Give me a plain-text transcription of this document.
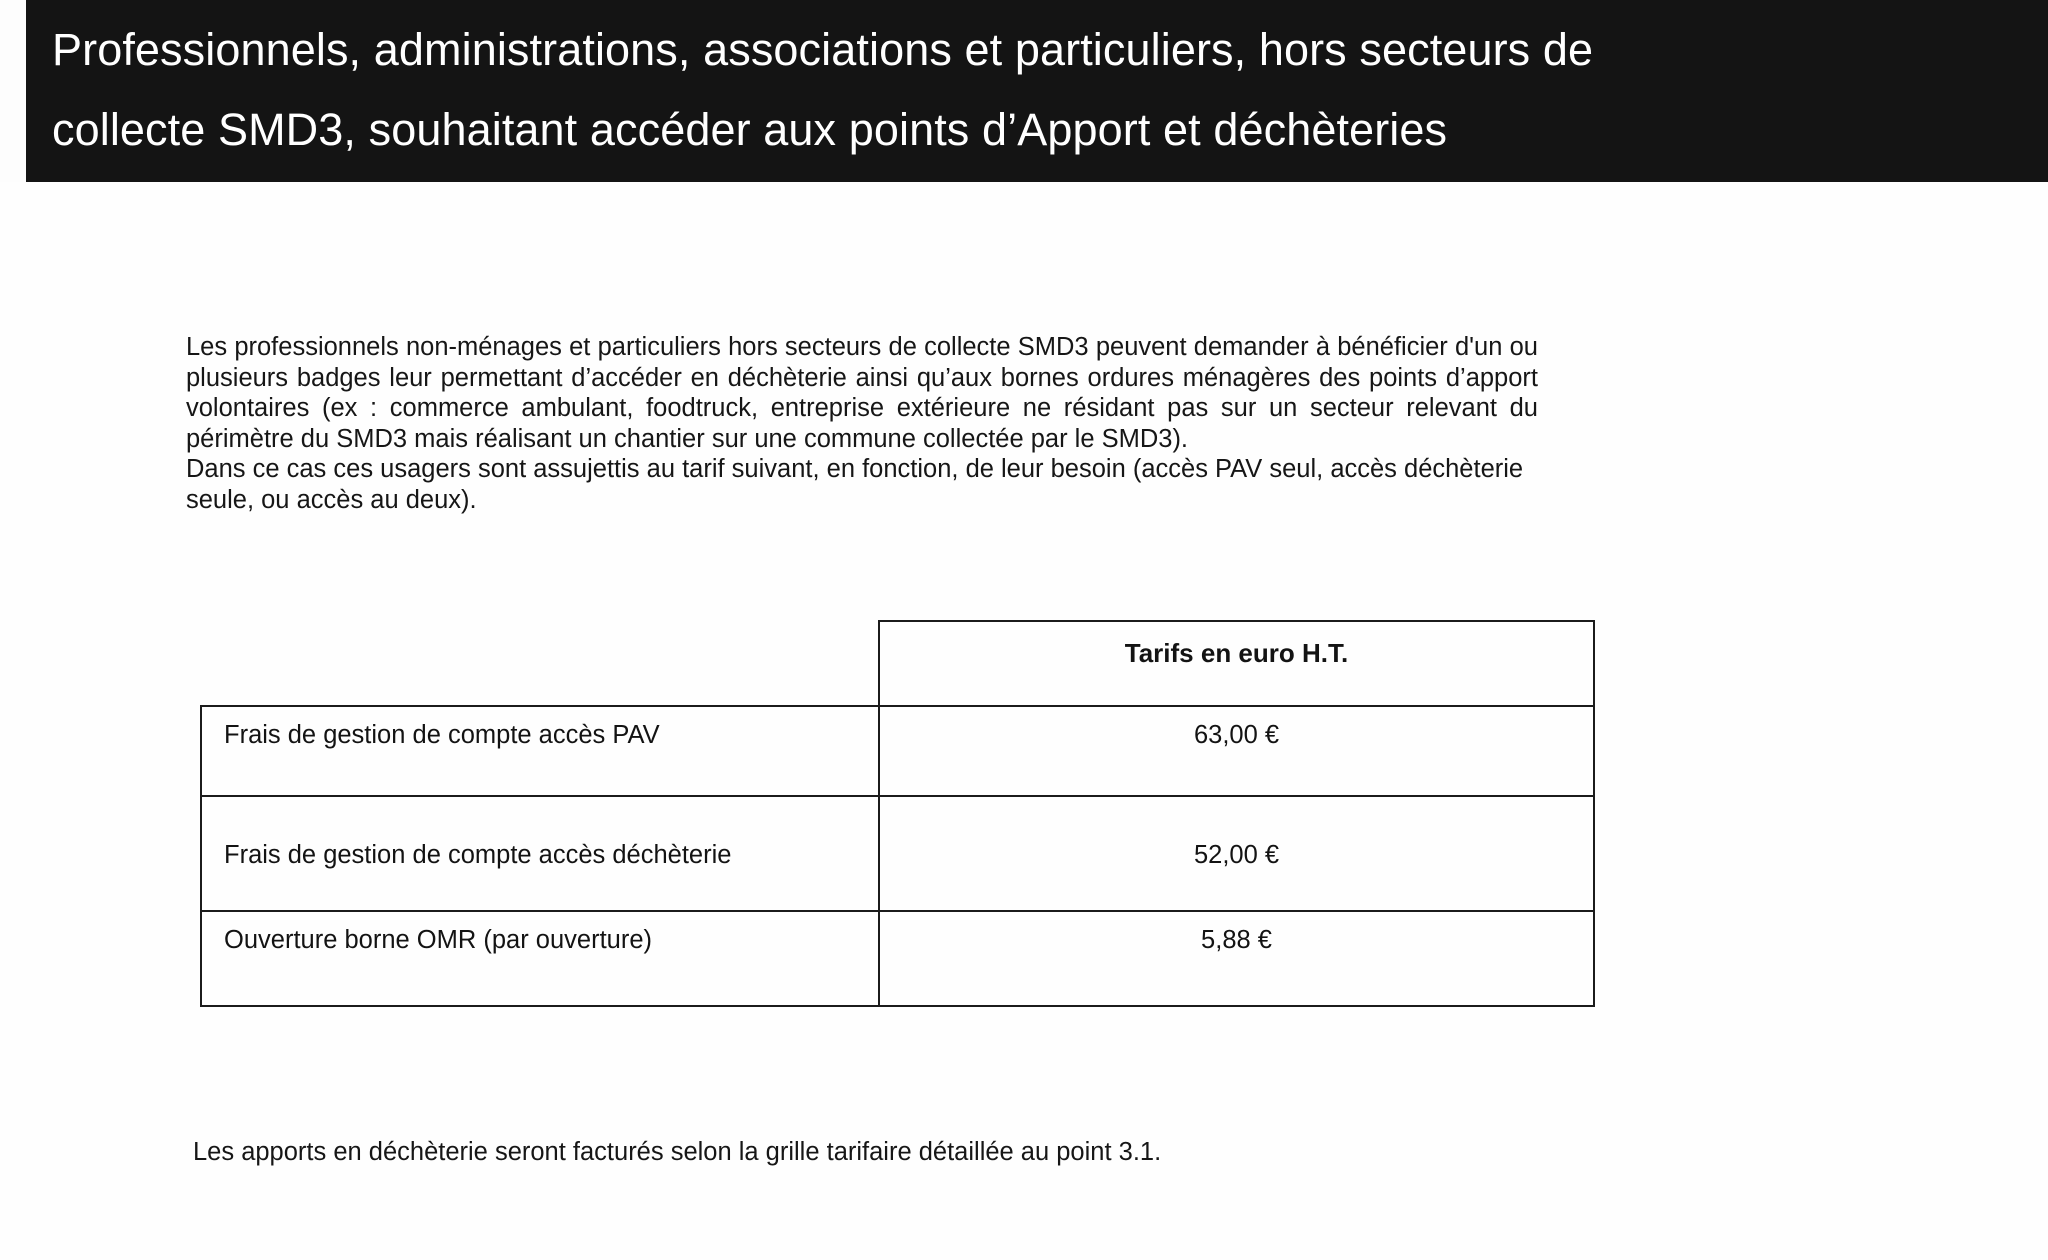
Professionnels, administrations, associations et particuliers, hors secteurs de
collecte SMD3, souhaitant accéder aux points d’Apport et déchèteries

Les professionnels non-ménages et particuliers hors secteurs de collecte SMD3 peuvent demander à bénéficier d'un ou plusieurs badges leur permettant d’accéder en déchèterie ainsi qu’aux bornes ordures ménagères des points d’apport volontaires (ex : commerce ambulant, foodtruck, entreprise extérieure ne résidant pas sur un secteur relevant du périmètre du SMD3 mais réalisant un chantier sur une commune collectée par le SMD3).

Dans ce cas ces usagers sont assujettis au tarif suivant, en fonction, de leur besoin (accès PAV seul, accès déchèterie seule, ou accès au deux).

	Tarifs en euro H.T.
Frais de gestion de compte accès PAV	63,00 €
Frais de gestion de compte accès déchèterie	52,00 €
Ouverture borne OMR (par ouverture)	5,88 €
Les apports en déchèterie seront facturés selon la grille tarifaire détaillée au point 3.1.
